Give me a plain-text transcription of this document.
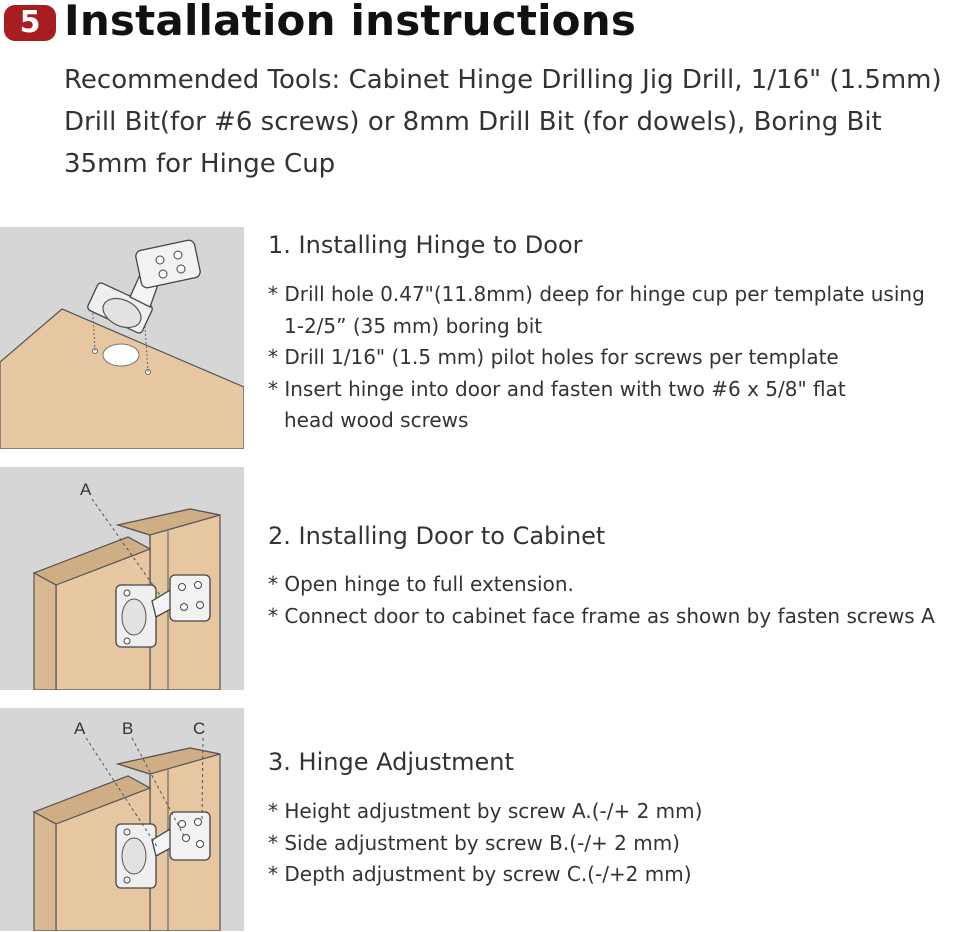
5 Installation instructions
Recommended Tools: Cabinet Hinge Drilling Jig Drill, 1/16" (1.5mm) Drill Bit(for #6 screws) or 8mm Drill Bit (for dowels), Boring Bit 35mm for Hinge Cup
1. Installing Hinge to Door
* Drill hole 0.47"(11.8mm) deep for hinge cup per template using
1-2/5” (35 mm) boring bit
* Drill 1/16" (1.5 mm) pilot holes for screws per template
* Insert hinge into door and fasten with two #6 x 5/8" flat
head wood screws
A
2. Installing Door to Cabinet
* Open hinge to full extension.
* Connect door to cabinet face frame as shown by fasten screws A
A B	C
3. Hinge Adjustment
* Height adjustment by screw A.(-/+ 2 mm)
* Side adjustment by screw B.(-/+ 2 mm)
* Depth adjustment by screw C.(-/+2 mm)
